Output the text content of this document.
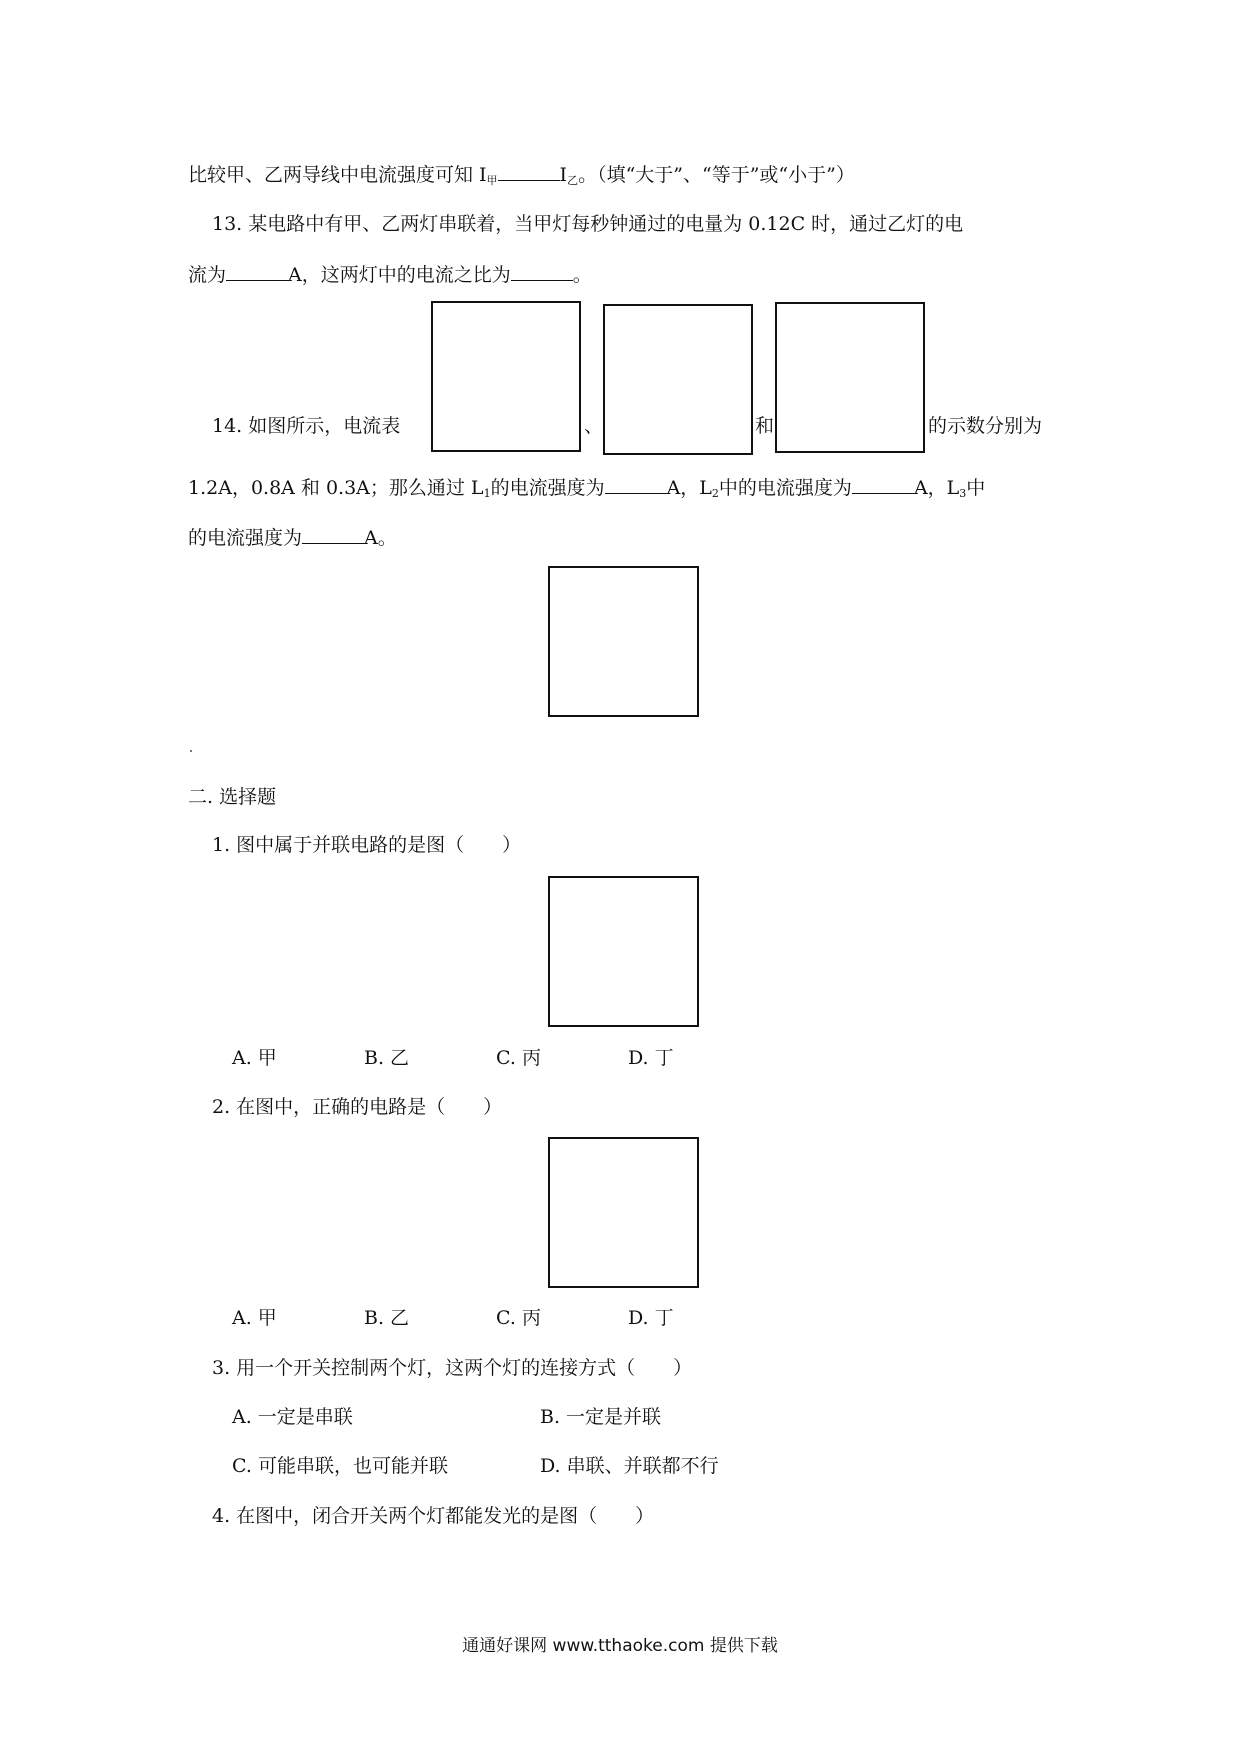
比较甲、乙两导线中电流强度可知 $I_甲$	$I_乙$。（填“大于”、“等于”或“小于”）
13. 某电路中有甲、乙两灯串联着，当甲灯每秒钟通过的电量为 0.12C 时，通过乙灯的电
流为	A，这两灯中的电流之比为	。
14. 如图所示，电流表	、	和	的示数分别为
1.2A，0.8A 和 0.3A；那么通过 $L_1$的电流强度为	A，$L_2$中的电流强度为	A，$L_3$中
的电流强度为	A。
二. 选择题
1. 图中属于并联电路的是图（　　）
A. 甲	B. 乙	C. 丙	D. 丁
2. 在图中，正确的电路是（　　）
A. 甲	B. 乙	C. 丙	D. 丁
3. 用一个开关控制两个灯，这两个灯的连接方式（　　）
A. 一定是串联	B. 一定是并联
C. 可能串联，也可能并联	D. 串联、并联都不行
4. 在图中，闭合开关两个灯都能发光的是图（　　）
通通好课网 www.tthaoke.com 提供下载
